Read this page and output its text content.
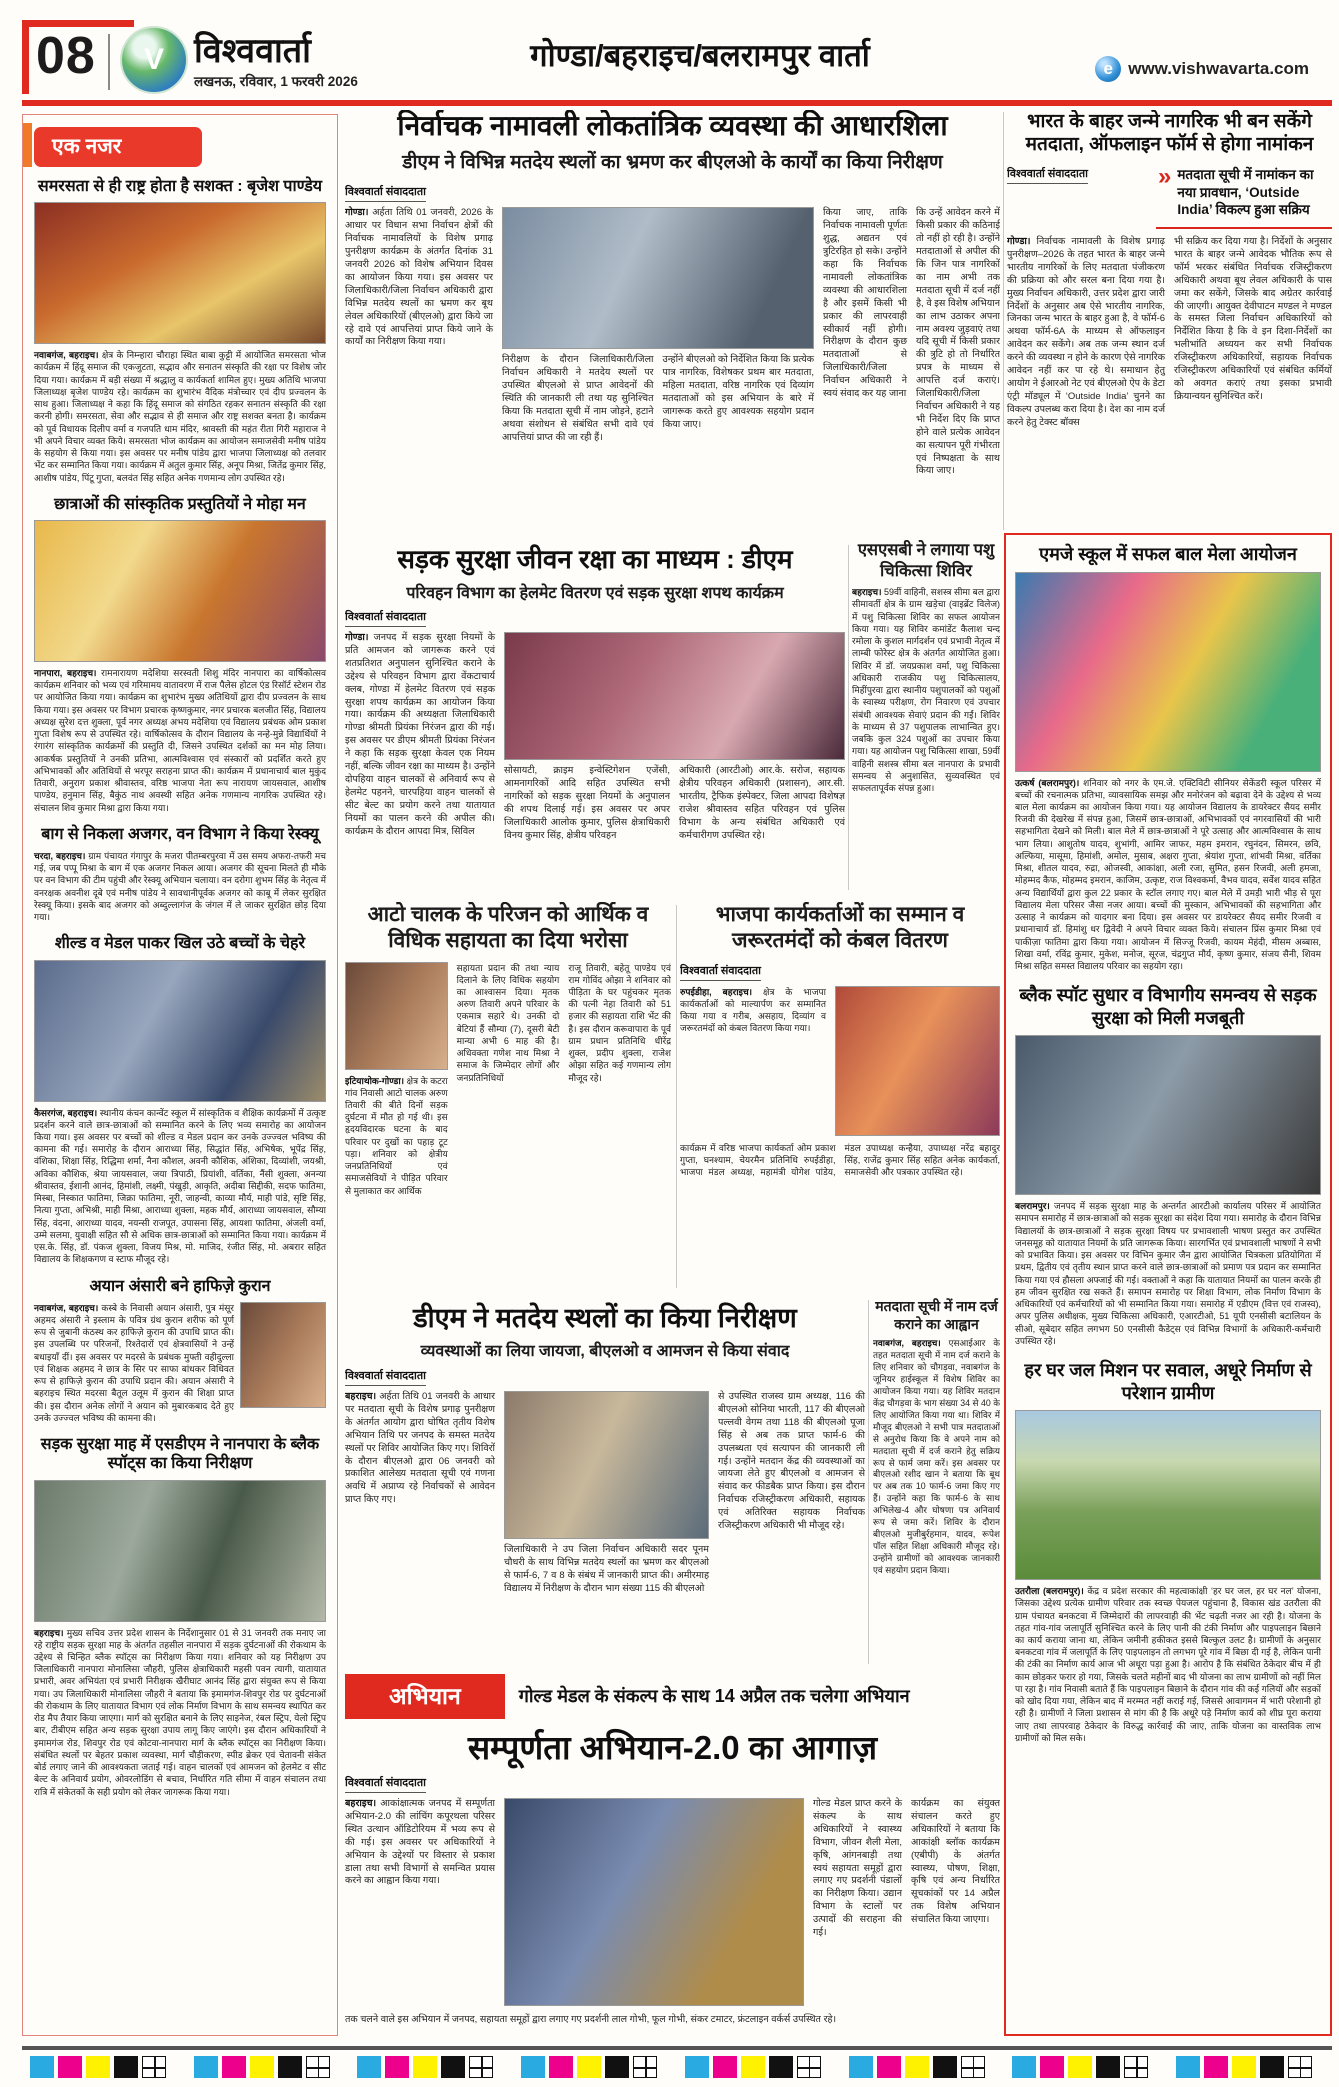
08	V विश्ववार्ता
लखनऊ, रविवार, 1 फरवरी 2026
गोण्डा/बहराइच/बलरामपुर वार्ता	e www.vishwavarta.com
एक नजर
समरसता से ही राष्ट्र होता है सशक्त : बृजेश पाण्डेय

नवाबगंज, बहराइच। क्षेत्र के निम्न्हारा चौराहा स्थित बाबा कुट्टी में आयोजित समरसता भोज कार्यक्रम में हिंदू समाज की एकजुटता, सद्भाव और सनातन संस्कृति की रक्षा पर विशेष जोर दिया गया। कार्यक्रम में बड़ी संख्या में श्रद्धालु व कार्यकर्ता शामिल हुए। मुख्य अतिथि भाजपा जिलाध्यक्ष बृजेश पाण्डेय रहे। कार्यक्रम का शुभारंभ वैदिक मंत्रोच्चार एवं दीप प्रज्वलन के साथ हुआ। जिलाध्यक्ष ने कहा कि हिंदू समाज को संगठित रहकर सनातन संस्कृति की रक्षा करनी होगी। समरसता, सेवा और सद्भाव से ही समाज और राष्ट्र सशक्त बनता है। कार्यक्रम को पूर्व विधायक दिलीप वर्मा व गजपति धाम मंदिर, श्रावस्ती की महंत रीता गिरी महाराज ने भी अपने विचार व्यक्त किये। समरसता भोज कार्यक्रम का आयोजन समाजसेवी मनीष पांडेय के सहयोग से किया गया। इस अवसर पर मनीष पांडेय द्वारा भाजपा जिलाध्यक्ष को तलवार भेंट कर सम्मानित किया गया। कार्यक्रम में अतुल कुमार सिंह, अनूप मिश्रा, जितेंद्र कुमार सिंह, आशीष पांडेय, पिंटू गुप्ता, बलवंत सिंह सहित अनेक गणमान्य लोग उपस्थित रहे।

छात्राओं की सांस्कृतिक प्रस्तुतियों ने मोहा मन

नानपारा, बहराइच। रामनारायण मदेशिया सरस्वती शिशु मंदिर नानपारा का वार्षिकोत्सव कार्यक्रम शनिवार को भव्य एवं गरिमामय वातावरण में राज पैलेस होटल एंड रिसॉर्ट स्टेशन रोड पर आयोजित किया गया। कार्यक्रम का शुभारंभ मुख्य अतिथियों द्वारा दीप प्रज्वलन के साथ किया गया। इस अवसर पर विभाग प्रचारक कृष्णकुमार, नगर प्रचारक बलजीत सिंह, विद्यालय अध्यक्ष सुरेश दत्त शुक्ला, पूर्व नगर अध्यक्ष अभय मदेशिया एवं विद्यालय प्रबंधक ओम प्रकाश गुप्ता विशेष रूप से उपस्थित रहे। वार्षिकोत्सव के दौरान विद्यालय के नन्हे-मुन्ने विद्यार्थियों ने रंगारंग सांस्कृतिक कार्यक्रमों की प्रस्तुति दी, जिसने उपस्थित दर्शकों का मन मोह लिया। आकर्षक प्रस्तुतियों ने उनकी प्रतिभा, आत्मविश्वास एवं संस्कारों को प्रदर्शित करते हुए अभिभावकों और अतिथियों से भरपूर सराहना प्राप्त की। कार्यक्रम में प्रधानाचार्य बाल मुकुंद तिवारी, अनुराग प्रकाश श्रीवास्तव, वरिष्ठ भाजपा नेता रूप नारायण जायसवाल, आशीष पाण्डेय, हनुमान सिंह, बैकुंठ नाथ अवस्थी सहित अनेक गणमान्य नागरिक उपस्थित रहे। संचालन शिव कुमार मिश्रा द्वारा किया गया।

बाग से निकला अजगर, वन विभाग ने किया रेस्क्यू

चरदा, बहराइच। ग्राम पंचायत गंगापुर के मजरा पीतम्बरपुरवा में उस समय अफरा-तफरी मच गई, जब पप्पू मिश्रा के बाग में एक अजगर निकल आया। अजगर की सूचना मिलते ही मौके पर वन विभाग की टीम पहुंची और रेस्क्यू अभियान चलाया। वन दरोगा शुभम सिंह के नेतृत्व में वनरक्षक अवनीश दूबे एवं मनीष पांडेय ने सावधानीपूर्वक अजगर को काबू में लेकर सुरक्षित रेस्क्यू किया। इसके बाद अजगर को अब्दुल्लागंज के जंगल में ले जाकर सुरक्षित छोड़ दिया गया।

शील्ड व मेडल पाकर खिल उठे बच्चों के चेहरे

कैसरगंज, बहराइच। स्थानीय कंचन कान्वेंट स्कूल में सांस्कृतिक व शैक्षिक कार्यक्रमों में उत्कृष्ट प्रदर्शन करने वाले छात्र-छात्राओं को सम्मानित करने के लिए भव्य समारोह का आयोजन किया गया। इस अवसर पर बच्चों को शील्ड व मेडल प्रदान कर उनके उज्ज्वल भविष्य की कामना की गई। समारोह के दौरान आराध्या सिंह, सिद्धांत सिंह, अभिषेक, भूपेंद्र सिंह, वंशिका, शिक्षा सिंह, रिद्धिमा शर्मा, नैना कौशल, अवनी कौशिक, अंशिका, दिव्यांशी, जयश्री, अविका कौशिक, श्रेया जायसवाल, जया त्रिपाठी, प्रियांशी, वर्तिका, नैंसी शुक्ला, अनन्या श्रीवास्तव, ईशानी आनंद, हिमांशी, लक्ष्मी, पंखुड़ी, आकृति, अदीबा सिद्दीकी, सदफ फातिमा, मिस्बा, निस्कात फातिमा, जिक्रा फातिमा, नूरी, जाहन्वी, काव्या मौर्य, माही पांडे, सृष्टि सिंह, नित्या गुप्ता, अभिश्री, माही मिश्रा, आराध्या शुक्ला, महक मौर्य, आराध्या जायसवाल, सौम्या सिंह, वंदना, आराध्या यादव, नयन्सी राजपूत, उपासना सिंह, आयशा फातिमा, अंजली वर्मा, उम्मे सलमा, युवाक्षी सहित सौ से अधिक छात्र-छात्राओं को सम्मानित किया गया। कार्यक्रम में एस.के. सिंह, डॉ. पंकज शुक्ला, विजय मिश्र, मो. माजिद, रंजीत सिंह, मो. अबरार सहित विद्यालय के शिक्षकगण व स्टाफ मौजूद रहे।

अयान अंसारी बने हाफिज़े कुरान

नवाबगंज, बहराइच। कस्बे के निवासी अयान अंसारी, पुत्र मंसूर अहमद अंसारी ने इस्लाम के पवित्र ग्रंथ कुरान शरीफ को पूर्ण रूप से जुबानी कंठस्थ कर हाफिज़े कुरान की उपाधि प्राप्त की। इस उपलब्धि पर परिजनों, रिश्तेदारों एवं क्षेत्रवासियों ने उन्हें बधाइयाँ दीं। इस अवसर पर मदरसे के प्रबंधक मुफ्ती वहीदुल्ला एवं शिक्षक अहमद ने छात्र के सिर पर साफा बांधकर विधिवत रूप से हाफिज़े कुरान की उपाधि प्रदान की। अयान अंसारी ने बहराइच स्थित मदरसा बैतूल उलूम में कुरान की शिक्षा प्राप्त की। इस दौरान अनेक लोगों ने अयान को मुबारकबाद देते हुए उनके उज्ज्वल भविष्य की कामना की।

सड़क सुरक्षा माह में एसडीएम ने नानपारा के ब्लैक स्पॉट्स का किया निरीक्षण

बहराइच। मुख्य सचिव उत्तर प्रदेश शासन के निर्देशानुसार 01 से 31 जनवरी तक मनाए जा रहे राष्ट्रीय सड़क सुरक्षा माह के अंतर्गत तहसील नानपारा में सड़क दुर्घटनाओं की रोकथाम के उद्देश्य से चिन्हित ब्लैक स्पॉट्स का निरीक्षण किया गया। शनिवार को यह निरीक्षण उप जिलाधिकारी नानपारा मोनालिसा जौहरी, पुलिस क्षेत्राधिकारी महसी पवन त्यागी, यातायात प्रभारी, अवर अभियंता एवं प्रभारी निरीक्षक खैरीघाट आनंद सिंह द्वारा संयुक्त रूप से किया गया। उप जिलाधिकारी मोनालिसा जौहरी ने बताया कि इमामगंज-शिवपुर रोड पर दुर्घटनाओं की रोकथाम के लिए यातायात विभाग एवं लोक निर्माण विभाग के साथ समन्वय स्थापित कर रोड मैप तैयार किया जाएगा। मार्ग को सुरक्षित बनाने के लिए साइनेज, रंबल स्ट्रिप, येलो स्ट्रिप बार, टीबीएम सहित अन्य सड़क सुरक्षा उपाय लागू किए जाएंगे। इस दौरान अधिकारियों ने इमामगंज रोड, शिवपुर रोड एवं कोटवा-नानपारा मार्ग के ब्लैक स्पॉट्स का निरीक्षण किया। संबंधित स्थलों पर बेहतर प्रकाश व्यवस्था, मार्ग चौड़ीकरण, स्पीड ब्रेकर एवं चेतावनी संकेत बोर्ड लगाए जाने की आवश्यकता जताई गई। वाहन चालकों एवं आमजन को हेलमेट व सीट बेल्ट के अनिवार्य प्रयोग, ओवरलोडिंग से बचाव, निर्धारित गति सीमा में वाहन संचालन तथा रात्रि में संकेतकों के सही प्रयोग को लेकर जागरूक किया गया।

निर्वाचक नामावली लोकतांत्रिक व्यवस्था की आधारशिला
डीएम ने विभिन्न मतदेय स्थलों का भ्रमण कर बीएलओ के कार्यों का किया निरीक्षण
विश्ववार्ता संवाददाता

गोण्डा। अर्हता तिथि 01 जनवरी, 2026 के आधार पर विधान सभा निर्वाचन क्षेत्रों की निर्वाचक नामावलियों के विशेष प्रगाढ़ पुनरीक्षण कार्यक्रम के अंतर्गत दिनांक 31 जनवरी 2026 को विशेष अभियान दिवस का आयोजन किया गया। इस अवसर पर जिलाधिकारी/जिला निर्वाचन अधिकारी द्वारा विभिन्न मतदेय स्थलों का भ्रमण कर बूथ लेवल अधिकारियों (बीएलओ) द्वारा किये जा रहे दावे एवं आपत्तियां प्राप्त किये जाने के कार्यों का निरीक्षण किया गया।

निरीक्षण के दौरान जिलाधिकारी/जिला निर्वाचन अधिकारी ने मतदेय स्थलों पर उपस्थित बीएलओ से प्राप्त आवेदनों की स्थिति की जानकारी ली तथा यह सुनिश्चित किया कि मतदाता सूची में नाम जोड़ने, हटाने अथवा संशोधन से संबंधित सभी दावे एवं आपत्तियां प्राप्त की जा रही हैं।

उन्होंने बीएलओ को निर्देशित किया कि प्रत्येक पात्र नागरिक, विशेषकर प्रथम बार मतदाता, महिला मतदाता, वरिष्ठ नागरिक एवं दिव्यांग मतदाताओं को इस अभियान के बारे में जागरूक करते हुए आवश्यक सहयोग प्रदान किया जाए।

किया जाए, ताकि निर्वाचक नामावली पूर्णतः शुद्ध, अद्यतन एवं त्रुटिरहित हो सके। उन्होंने कहा कि निर्वाचक नामावली लोकतांत्रिक व्यवस्था की आधारशिला है और इसमें किसी भी प्रकार की लापरवाही स्वीकार्य नहीं होगी। निरीक्षण के दौरान कुछ मतदाताओं से जिलाधिकारी/जिला निर्वाचन अधिकारी ने स्वयं संवाद कर यह जाना

कि उन्हें आवेदन करने में किसी प्रकार की कठिनाई तो नहीं हो रही है। उन्होंने मतदाताओं से अपील की कि जिन पात्र नागरिकों का नाम अभी तक मतदाता सूची में दर्ज नहीं है, वे इस विशेष अभियान का लाभ उठाकर अपना नाम अवश्य जुड़वाएं तथा यदि सूची में किसी प्रकार की त्रुटि हो तो निर्धारित प्रपत्र के माध्यम से आपत्ति दर्ज कराएं। जिलाधिकारी/जिला निर्वाचन अधिकारी ने यह भी निर्देश दिए कि प्राप्त होने वाले प्रत्येक आवेदन का सत्यापन पूरी गंभीरता एवं निष्पक्षता के साथ किया जाए।

भारत के बाहर जन्मे नागरिक भी बन सकेंगे मतदाता, ऑफलाइन फॉर्म से होगा नामांकन
विश्ववार्ता संवाददाता	» मतदाता सूची में नामांकन का नया प्रावधान, ‘Outside India’ विकल्प हुआ सक्रिय

गोण्डा। निर्वाचक नामावली के विशेष प्रगाढ़ पुनरीक्षण–2026 के तहत भारत के बाहर जन्मे भारतीय नागरिकों के लिए मतदाता पंजीकरण की प्रक्रिया को और सरल बना दिया गया है। मुख्य निर्वाचन अधिकारी, उत्तर प्रदेश द्वारा जारी निर्देशों के अनुसार अब ऐसे भारतीय नागरिक, जिनका जन्म भारत के बाहर हुआ है, वे फॉर्म-6 अथवा फॉर्म-6A के माध्यम से ऑफलाइन आवेदन कर सकेंगे। अब तक जन्म स्थान दर्ज करने की व्यवस्था न होने के कारण ऐसे नागरिक आवेदन नहीं कर पा रहे थे। समाधान हेतु आयोग ने ईआरओ नेट एवं बीएलओ ऐप के डेटा एंट्री मॉड्यूल में ‘Outside India’ चुनने का विकल्प उपलब्ध करा दिया है। देश का नाम दर्ज करने हेतु टेक्स्ट बॉक्स

भी सक्रिय कर दिया गया है। निर्देशों के अनुसार भारत के बाहर जन्मे आवेदक भौतिक रूप से फॉर्म भरकर संबंधित निर्वाचक रजिस्ट्रीकरण अधिकारी अथवा बूथ लेवल अधिकारी के पास जमा कर सकेंगे, जिसके बाद अग्रेतर कार्रवाई की जाएगी। आयुक्त देवीपाटन मण्डल ने मण्डल के समस्त जिला निर्वाचन अधिकारियों को निर्देशित किया है कि वे इन दिशा-निर्देशों का भलीभांति अध्ययन कर सभी निर्वाचक रजिस्ट्रीकरण अधिकारियों, सहायक निर्वाचक रजिस्ट्रीकरण अधिकारियों एवं संबंधित कर्मियों को अवगत कराएं तथा इसका प्रभावी क्रियान्वयन सुनिश्चित करें।

सड़क सुरक्षा जीवन रक्षा का माध्यम : डीएम
परिवहन विभाग का हेलमेट वितरण एवं सड़क सुरक्षा शपथ कार्यक्रम
विश्ववार्ता संवाददाता

गोण्डा। जनपद में सड़क सुरक्षा नियमों के प्रति आमजन को जागरूक करने एवं शतप्रतिशत अनुपालन सुनिश्चित कराने के उद्देश्य से परिवहन विभाग द्वारा वेंकटाचार्य क्लब, गोण्डा में हेलमेट वितरण एवं सड़क सुरक्षा शपथ कार्यक्रम का आयोजन किया गया। कार्यक्रम की अध्यक्षता जिलाधिकारी गोण्डा श्रीमती प्रियंका निरंजन द्वारा की गई। इस अवसर पर डीएम श्रीमती प्रियंका निरंजन ने कहा कि सड़क सुरक्षा केवल एक नियम नहीं, बल्कि जीवन रक्षा का माध्यम है। उन्होंने दोपहिया वाहन चालकों से अनिवार्य रूप से हेलमेट पहनने, चारपहिया वाहन चालकों से सीट बेल्ट का प्रयोग करने तथा यातायात नियमों का पालन करने की अपील की। कार्यक्रम के दौरान आपदा मित्र, सिविल

सोसायटी, क्राइम इन्वेस्टिगेशन एजेंसी, आमनागरिकों आदि सहित उपस्थित सभी नागरिकों को सड़क सुरक्षा नियमों के अनुपालन की शपथ दिलाई गई। इस अवसर पर अपर जिलाधिकारी आलोक कुमार, पुलिस क्षेत्राधिकारी विनय कुमार सिंह, क्षेत्रीय परिवहन

अधिकारी (आरटीओ) आर.के. सरोज, सहायक क्षेत्रीय परिवहन अधिकारी (प्रशासन), आर.सी. भारतीय, ट्रैफिक इंस्पेक्टर, जिला आपदा विशेषज्ञ राजेश श्रीवास्तव सहित परिवहन एवं पुलिस विभाग के अन्य संबंधित अधिकारी एवं कर्मचारीगण उपस्थित रहे।

एसएसबी ने लगाया पशु चिकित्सा शिविर

बहराइच। 59वीं वाहिनी, सशस्त्र सीमा बल द्वारा सीमावर्ती क्षेत्र के ग्राम खड़ेचा (वाइब्रेंट विलेज) में पशु चिकित्सा शिविर का सफल आयोजन किया गया। यह शिविर कमांडेंट कैलाश चन्द रमोला के कुशल मार्गदर्शन एवं प्रभावी नेतृत्व में लाम्बी फोरेस्ट क्षेत्र के अंतर्गत आयोजित हुआ। शिविर में डॉ. जयप्रकाश वर्मा, पशु चिकित्सा अधिकारी राजकीय पशु चिकित्सालय, मिहींपुरवा द्वारा स्थानीय पशुपालकों को पशुओं के स्वास्थ्य परीक्षण, रोग निवारण एवं उपचार संबंधी आवश्यक सेवाएं प्रदान की गईं। शिविर के माध्यम से 37 पशुपालक लाभान्वित हुए। जबकि कुल 324 पशुओं का उपचार किया गया। यह आयोजन पशु चिकित्सा शाखा, 59वीं वाहिनी सशस्त्र सीमा बल नानपारा के प्रभावी समन्वय से अनुशासित, सुव्यवस्थित एवं सफलतापूर्वक संपन्न हुआ।

आटो चालक के परिजन को आर्थिक व विधिक सहायता का दिया भरोसा

इटियाथोक-गोण्डा। क्षेत्र के कटरा गांव निवासी आटो चालक अरुण तिवारी की बीते दिनों सड़क दुर्घटना में मौत हो गई थी। इस हृदयविदारक घटना के बाद परिवार पर दुखों का पहाड़ टूट पड़ा। शनिवार को क्षेत्रीय जनप्रतिनिधियों एवं समाजसेवियों ने पीड़ित परिवार से मुलाकात कर आर्थिक

सहायता प्रदान की तथा न्याय दिलाने के लिए विधिक सहयोग का आश्वासन दिया। मृतक अरुण तिवारी अपने परिवार के एकमात्र सहारे थे। उनकी दो बेटियां हैं सौम्या (7), दूसरी बेटी मान्या अभी 6 माह की है। अधिवक्ता गणेश नाथ मिश्रा ने समाज के जिम्मेदार लोगों और जनप्रतिनिधियों

राजू तिवारी, बहेतू पाण्डेय एवं राम गोविंद ओझा ने शनिवार को पीड़िता के घर पहुंचकर मृतक की पत्नी नेहा तिवारी को 51 हजार की सहायता राशि भेंट की है। इस दौरान करूवापारा के पूर्व ग्राम प्रधान प्रतिनिधि धीरेंद्र शुक्ल, प्रदीप शुक्ला, राजेश ओझा सहित कई गणमान्य लोग मौजूद रहे।

भाजपा कार्यकर्ताओं का सम्मान व जरूरतमंदों को कंबल वितरण
विश्ववार्ता संवाददाता

रुपईडीहा, बहराइच। क्षेत्र के भाजपा कार्यकर्ताओं को माल्यार्पण कर सम्मानित किया गया व गरीब, असहाय, दिव्यांग व जरूरतमंदों को कंबल वितरण किया गया।

कार्यक्रम में वरिष्ठ भाजपा कार्यकर्ता ओम प्रकाश गुप्ता, घनश्याम, चेयरमैन प्रतिनिधि रुपईडीहा, भाजपा मंडल अध्यक्ष, महामंत्री योगेश पांडेय, मंडल उपाध्यक्ष कन्हैया, उपाध्यक्ष नरेंद्र बहादुर सिंह, राजेंद्र कुमार सिंह सहित अनेक कार्यकर्ता, समाजसेवी और पत्रकार उपस्थित रहे।

डीएम ने मतदेय स्थलों का किया निरीक्षण
व्यवस्थाओं का लिया जायजा, बीएलओ व आमजन से किया संवाद
विश्ववार्ता संवाददाता

बहराइच। अर्हता तिथि 01 जनवरी के आधार पर मतदाता सूची के विशेष प्रगाढ़ पुनरीक्षण के अंतर्गत आयोग द्वारा घोषित तृतीय विशेष अभियान तिथि पर जनपद के समस्त मतदेय स्थलों पर शिविर आयोजित किए गए। शिविरों के दौरान बीएलओ द्वारा 06 जनवरी को प्रकाशित आलेख्य मतदाता सूची एवं गणना अवधि में अप्राप्य रहे निर्वाचकों से आवेदन प्राप्त किए गए।

जिलाधिकारी ने उप जिला निर्वाचन अधिकारी सदर पूनम चौधरी के साथ विभिन्न मतदेय स्थलों का भ्रमण कर बीएलओ से फार्म-6, 7 व 8 के संबंध में जानकारी प्राप्त की। अमीरमाह विद्यालय में निरीक्षण के दौरान भाग संख्या 115 की बीएलओ

से उपस्थित राजस्व ग्राम अध्यक्ष, 116 की बीएलओ सोनिया भारती, 117 की बीएलओ पल्लवी वेगम तथा 118 की बीएलओ पूजा सिंह से अब तक प्राप्त फार्म-6 की उपलब्धता एवं सत्यापन की जानकारी ली गई। उन्होंने मतदान केंद्र की व्यवस्थाओं का जायजा लेते हुए बीएलओ व आमजन से संवाद कर फीडबैक प्राप्त किया। इस दौरान निर्वाचक रजिस्ट्रीकरण अधिकारी, सहायक एवं अतिरिक्त सहायक निर्वाचक रजिस्ट्रीकरण अधिकारी भी मौजूद रहे।

मतदाता सूची में नाम दर्ज कराने का आह्वान

नवाबगंज, बहराइच। एसआईआर के तहत मतदाता सूची में नाम दर्ज कराने के लिए शनिवार को चौगड़वा, नवाबगंज के जूनियर हाईस्कूल में विशेष शिविर का आयोजन किया गया। यह शिविर मतदान केंद्र चौगड़वा के भाग संख्या 34 से 40 के लिए आयोजित किया गया था। शिविर में मौजूद बीएलओ ने सभी पात्र मतदाताओं से अनुरोध किया कि वे अपने नाम को मतदाता सूची में दर्ज कराने हेतु सक्रिय रूप से फार्म जमा करें। इस अवसर पर बीएलओ रशीद खान ने बताया कि बूथ पर अब तक 10 फार्म-6 जमा किए गए हैं। उन्होंने कहा कि फार्म-6 के साथ अभिलेख-4 और घोषणा पत्र अनिवार्य रूप से जमा करें। शिविर के दौरान बीएलओ मुजीबुर्रहमान, यादव, रूपेश पॉल सहित शिक्षा अधिकारी मौजूद रहे। उन्होंने ग्रामीणों को आवश्यक जानकारी एवं सहयोग प्रदान किया।

अभियान	गोल्ड मेडल के संकल्प के साथ 14 अप्रैल तक चलेगा अभियान
सम्पूर्णता अभियान-2.0 का आगाज़
विश्ववार्ता संवाददाता

बहराइच। आकांक्षात्मक जनपद में सम्पूर्णता अभियान-2.0 की लांचिंग कपूरथला परिसर स्थित उत्थान ऑडिटोरियम में भव्य रूप से की गई। इस अवसर पर अधिकारियों ने अभियान के उद्देश्यों पर विस्तार से प्रकाश डाला तथा सभी विभागों से समन्वित प्रयास करने का आह्वान किया गया।

गोल्ड मेडल प्राप्त करने के संकल्प के साथ अधिकारियों ने स्वास्थ्य विभाग, जीवन शैली मेला, कृषि, आंगनबाड़ी तथा स्वयं सहायता समूहों द्वारा लगाए गए प्रदर्शनी पंडालों का निरीक्षण किया। उद्यान विभाग के स्टालों पर उत्पादों की सराहना की गई।

कार्यक्रम का संयुक्त संचालन करते हुए अधिकारियों ने बताया कि आकांक्षी ब्लॉक कार्यक्रम (एबीपी) के अंतर्गत स्वास्थ्य, पोषण, शिक्षा, कृषि एवं अन्य निर्धारित सूचकांकों पर 14 अप्रैल तक विशेष अभियान संचालित किया जाएगा।

तक चलने वाले इस अभियान में जनपद, सहायता समूहों द्वारा लगाए गए प्रदर्शनी लाल गोभी, फूल गोभी, संकर टमाटर, फ्रंटलाइन वर्कर्स उपस्थित रहे।

एमजे स्कूल में सफल बाल मेला आयोजन

उत्कर्ष (बलरामपुर)। शनिवार को नगर के एम.जे. एक्टिविटी सीनियर सेकेंडरी स्कूल परिसर में बच्चों की रचनात्मक प्रतिभा, व्यावसायिक समझ और मनोरंजन को बढ़ावा देने के उद्देश्य से भव्य बाल मेला कार्यक्रम का आयोजन किया गया। यह आयोजन विद्यालय के डायरेक्टर सैयद समीर रिजवी की देखरेख में संपन्न हुआ, जिसमें छात्र-छात्राओं, अभिभावकों एवं नगरवासियों की भारी सहभागिता देखने को मिली। बाल मेले में छात्र-छात्राओं ने पूरे उत्साह और आत्मविश्वास के साथ भाग लिया। आशुतोष यादव, शुभांगी, आमिर जाफर, महम इमरान, रघुनंदन, सिमरन, छवि, अल्फिया, मासूमा, हिमांशी, अमोल, मुसाब, अक्षरा गुप्ता, श्रेयांश गुप्ता, शांभवी मिश्रा, वर्तिका मिश्रा, शीतल यादव, रुद्रा, ओजस्वी, आकांक्षा, अली रजा, सुमित, हसन रिजवी, अली हमजा, मोहम्मद कैफ, मोहम्मद इमरान, काजिम, उत्कृष्ट, राज विश्वकर्मा, वैभव यादव, सर्वेश यादव सहित अन्य विद्यार्थियों द्वारा कुल 22 प्रकार के स्टॉल लगाए गए। बाल मेले में उमड़ी भारी भीड़ से पूरा विद्यालय मेला परिसर जैसा नजर आया। बच्चों की मुस्कान, अभिभावकों की सहभागिता और उत्साह ने कार्यक्रम को यादगार बना दिया। इस अवसर पर डायरेक्टर सैयद समीर रिजवी व प्रधानाचार्य डॉ. हिमांशु धर द्विवेदी ने अपने विचार व्यक्त किये। संचालन प्रिंस कुमार मिश्रा एवं पाकीज़ा फातिमा द्वारा किया गया। आयोजन में सिज्जू रिजवी, कायम मेहंदी, मीसम अब्बास, शिखा वर्मा, रविंद्र कुमार, मुकेश, मनोज, सूरज, चंद्रगुप्त मौर्य, कृष्ण कुमार, संजय सैनी, शिवम मिश्रा सहित समस्त विद्यालय परिवार का सहयोग रहा।

ब्लैक स्पॉट सुधार व विभागीय समन्वय से सड़क सुरक्षा को मिली मजबूती

बलरामपुर। जनपद में सड़क सुरक्षा माह के अन्तर्गत आरटीओ कार्यालय परिसर में आयोजित समापन समारोह में छात्र-छात्राओं को सड़क सुरक्षा का संदेश दिया गया। समारोह के दौरान विभिन्न विद्यालयों के छात्र-छात्राओं ने सड़क सुरक्षा विषय पर प्रभावशाली भाषण प्रस्तुत कर उपस्थित जनसमूह को यातायात नियमों के प्रति जागरूक किया। सारगर्भित एवं प्रभावशाली भाषणों ने सभी को प्रभावित किया। इस अवसर पर विभिन कुमार जैन द्वारा आयोजित चित्रकला प्रतियोगिता में प्रथम, द्वितीय एवं तृतीय स्थान प्राप्त करने वाले छात्र-छात्राओं को प्रमाण पत्र प्रदान कर सम्मानित किया गया एवं हौसला अफ्जाई की गई। वक्ताओं ने कहा कि यातायात नियमों का पालन करके ही हम जीवन सुरक्षित रख सकते हैं। समापन समारोह पर शिक्षा विभाग, लोक निर्माण विभाग के अधिकारियों एवं कर्मचारियों को भी सम्मानित किया गया। समारोह में एडीएम (वित्त एवं राजस्व), अपर पुलिस अधीक्षक, मुख्य चिकित्सा अधिकारी, एआरटीओ, 51 यूपी एनसीसी बटालियन के सीओ, सूबेदार सहित लगभग 50 एनसीसी कैडेट्स एवं विभिन्न विभागों के अधिकारी-कर्मचारी उपस्थित रहे।

हर घर जल मिशन पर सवाल, अधूरे निर्माण से परेशान ग्रामीण

उतरौला (बलरामपुर)। केंद्र व प्रदेश सरकार की महत्वाकांक्षी ‘हर घर जल, हर घर नल’ योजना, जिसका उद्देश्य प्रत्येक ग्रामीण परिवार तक स्वच्छ पेयजल पहुंचाना है, विकास खंड उतरौला की ग्राम पंचायत बनकटवा में जिम्मेदारों की लापरवाही की भेंट चढ़ती नजर आ रही है। योजना के तहत गांव-गांव जलापूर्ति सुनिश्चित करने के लिए पानी की टंकी निर्माण और पाइपलाइन बिछाने का कार्य कराया जाना था, लेकिन जमीनी हकीकत इससे बिल्कुल उलट है। ग्रामीणों के अनुसार बनकटवा गांव में जलापूर्ति के लिए पाइपलाइन तो लगभग पूरे गांव में बिछा दी गई है, लेकिन पानी की टंकी का निर्माण कार्य आज भी अधूरा पड़ा हुआ है। आरोप है कि संबंधित ठेकेदार बीच में ही काम छोड़कर फरार हो गया, जिसके चलते महीनों बाद भी योजना का लाभ ग्रामीणों को नहीं मिल पा रहा है। गांव निवासी बताते हैं कि पाइपलाइन बिछाने के दौरान गांव की कई गलियों और सड़कों को खोद दिया गया, लेकिन बाद में मरम्मत नहीं कराई गई, जिससे आवागमन में भारी परेशानी हो रही है। ग्रामीणों ने जिला प्रशासन से मांग की है कि अधूरे पड़े निर्माण कार्य को शीघ्र पूरा कराया जाए तथा लापरवाह ठेकेदार के विरुद्ध कार्रवाई की जाए, ताकि योजना का वास्तविक लाभ ग्रामीणों को मिल सके।
